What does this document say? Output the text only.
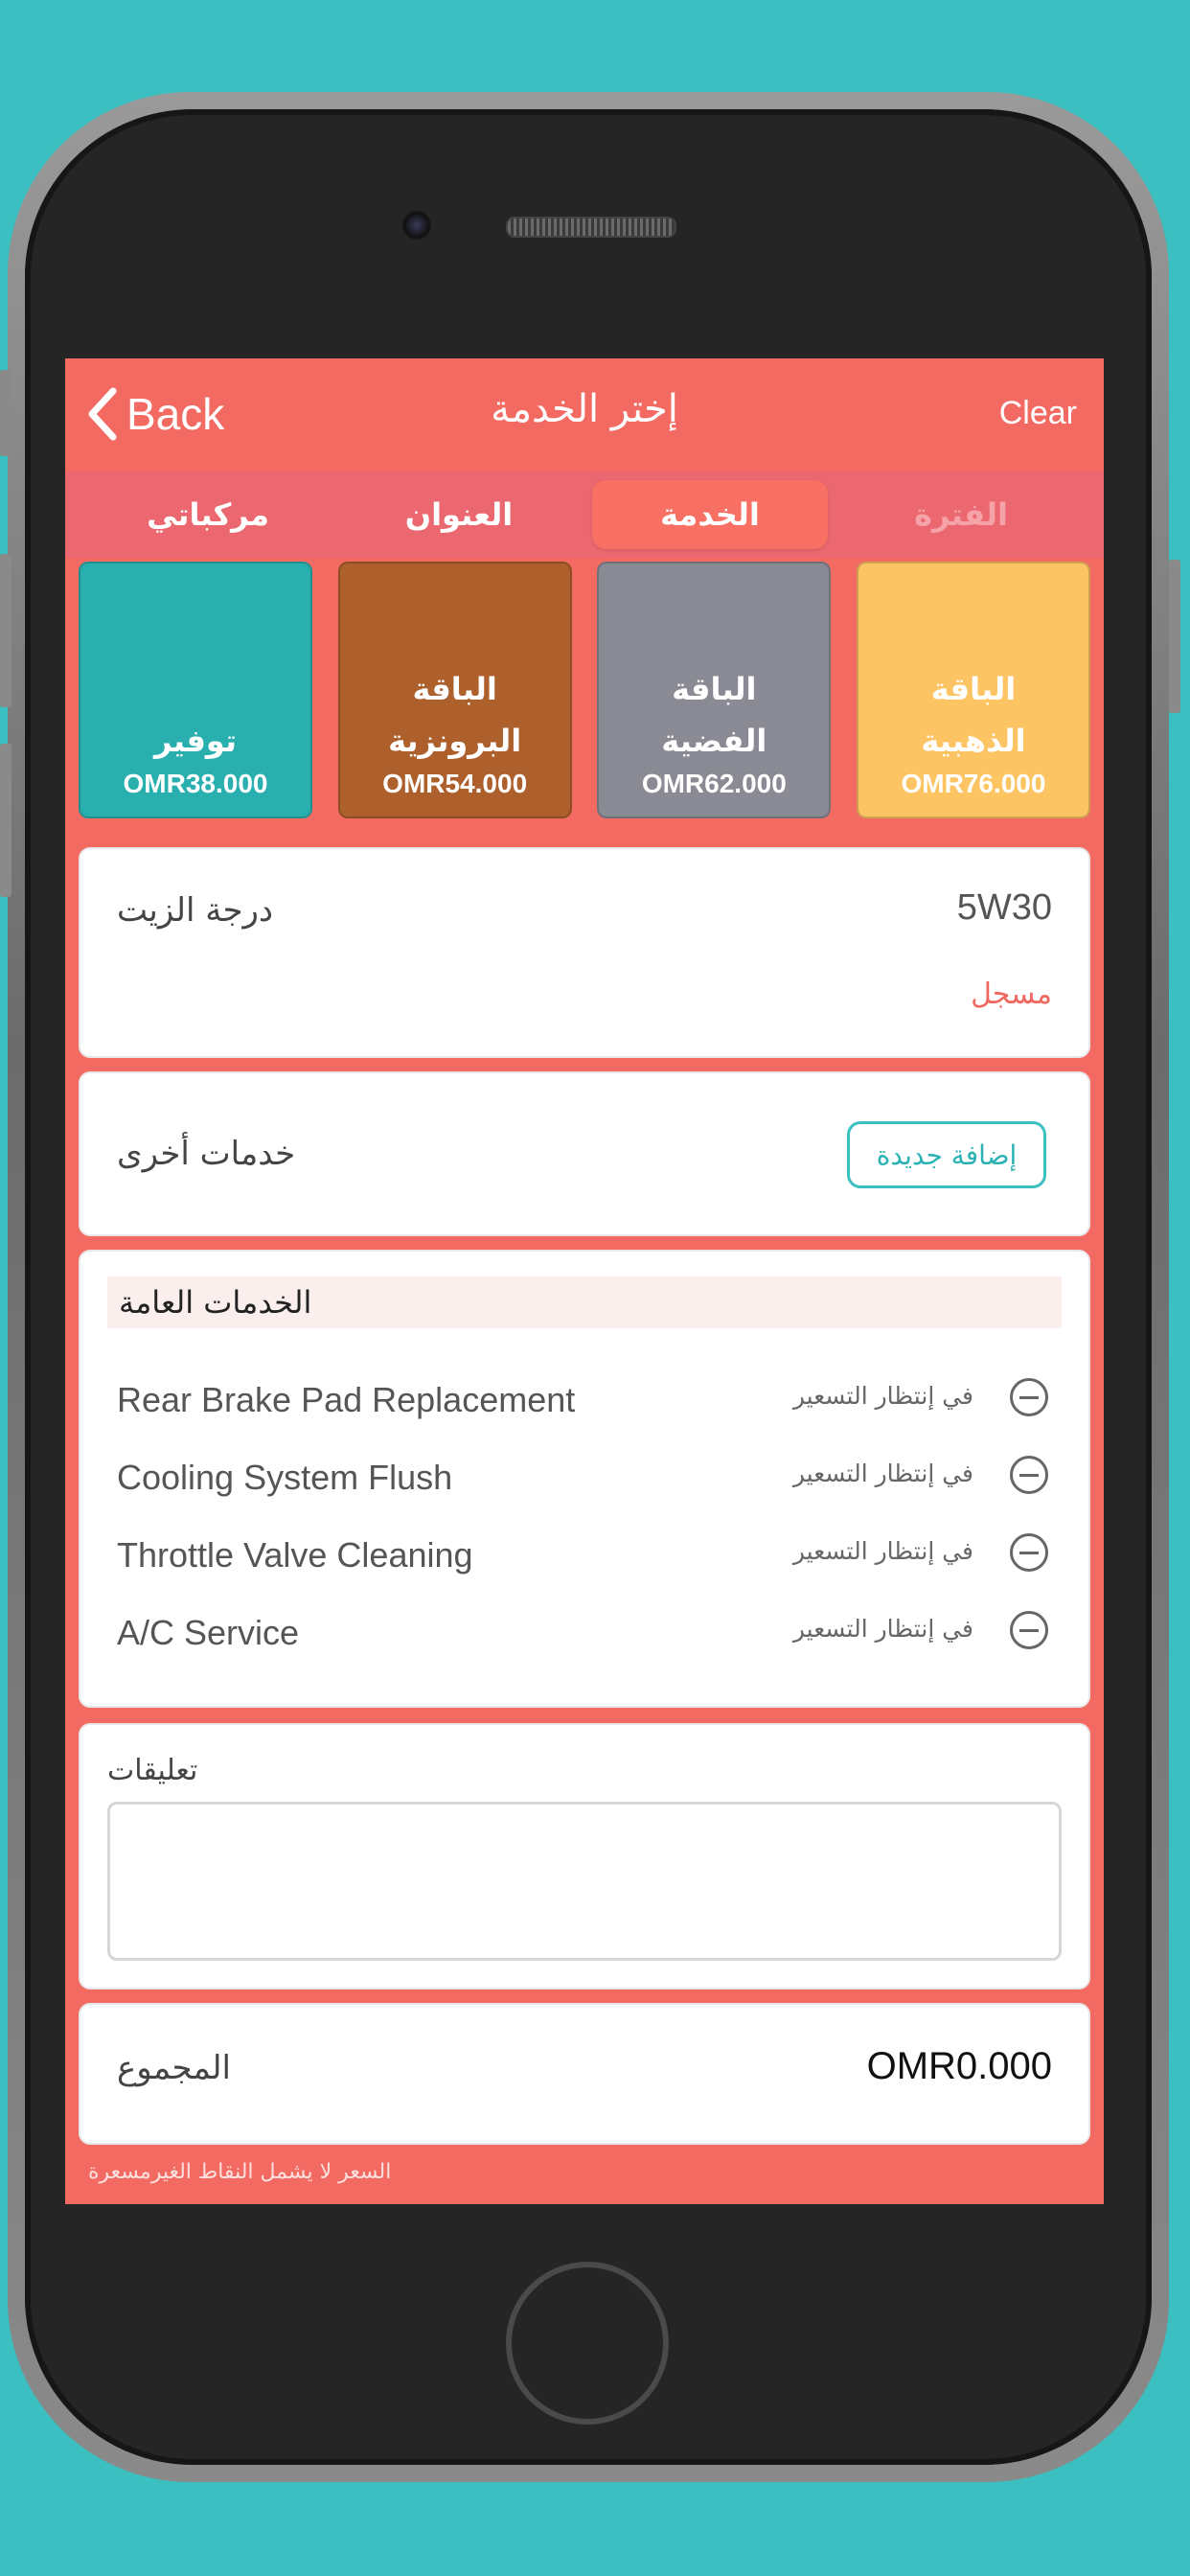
Back	إختر الخدمة	Clear
الفترة
الخدمة
العنوان
مركباتي
الباقة الذهبية
OMR76.000
الباقة الفضية
OMR62.000
الباقة البرونزية
OMR54.000
توفير
OMR38.000
درجة الزيت	5W30
مسجل
خدمات أخرى	إضافة جديدة
الخدمات العامة
Rear Brake Pad Replacement	في إنتظار التسعير
Cooling System Flush	في إنتظار التسعير
Throttle Valve Cleaning	في إنتظار التسعير
A/C Service	في إنتظار التسعير
تعليقات
المجموع	OMR0.000
السعر لا يشمل النقاط الغيرمسعرة
